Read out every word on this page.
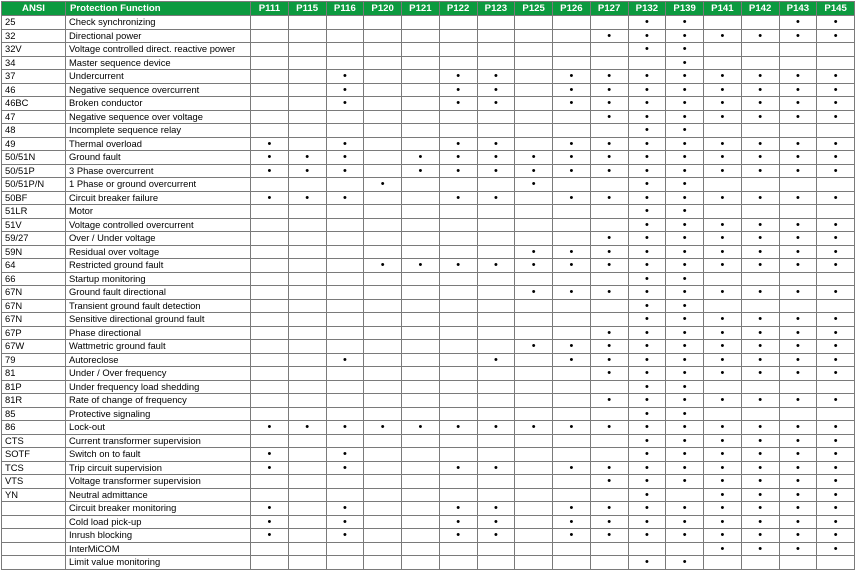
ANSI	Protection Function	P111	P115	P116	P120	P121	P122	P123	P125	P126	P127	P132	P139	P141	P142	P143	P145
25	Check synchronizing											•	•			•	•
32	Directional power										•	•	•	•	•	•	•
32V	Voltage controlled direct. reactive power											•	•				
34	Master sequence device												•				
37	Undercurrent			•			•	•		•	•	•	•	•	•	•	•
46	Negative sequence overcurrent			•			•	•		•	•	•	•	•	•	•	•
46BC	Broken conductor			•			•	•		•	•	•	•	•	•	•	•
47	Negative sequence over voltage										•	•	•	•	•	•	•
48	Incomplete sequence relay											•	•				
49	Thermal overload	•		•			•	•		•	•	•	•	•	•	•	•
50/51N	Ground fault	•	•	•		•	•	•	•	•	•	•	•	•	•	•	•
50/51P	3 Phase overcurrent	•	•	•		•	•	•	•	•	•	•	•	•	•	•	•
50/51P/N	1 Phase or ground overcurrent				•				•			•	•				
50BF	Circuit breaker failure	•	•	•			•	•		•	•	•	•	•	•	•	•
51LR	Motor											•	•				
51V	Voltage controlled overcurrent											•	•	•	•	•	•
59/27	Over / Under voltage										•	•	•	•	•	•	•
59N	Residual over voltage								•	•	•	•	•	•	•	•	•
64	Restricted ground fault				•	•	•	•	•	•	•	•	•	•	•	•	•
66	Startup monitoring											•	•				
67N	Ground fault directional								•	•	•	•	•	•	•	•	•
67N	Transient ground fault detection											•	•				
67N	Sensitive directional ground fault											•	•	•	•	•	•
67P	Phase directional										•	•	•	•	•	•	•
67W	Wattmetric ground fault								•	•	•	•	•	•	•	•	•
79	Autoreclose			•				•		•	•	•	•	•	•	•	•
81	Under / Over frequency										•	•	•	•	•	•	•
81P	Under frequency load shedding											•	•				
81R	Rate of change of frequency										•	•	•	•	•	•	•
85	Protective signaling											•	•				
86	Lock-out	•	•	•	•	•	•	•	•	•	•	•	•	•	•	•	•
CTS	Current transformer supervision											•	•	•	•	•	•
SOTF	Switch on to fault	•		•								•	•	•	•	•	•
TCS	Trip circuit supervision	•		•			•	•		•	•	•	•	•	•	•	•
VTS	Voltage transformer supervision										•	•	•	•	•	•	•
YN	Neutral admittance											•		•	•	•	•
	Circuit breaker monitoring	•		•			•	•		•	•	•	•	•	•	•	•
	Cold load pick-up	•		•			•	•		•	•	•	•	•	•	•	•
	Inrush blocking	•		•			•	•		•	•	•	•	•	•	•	•
	InterMiCOM													•	•	•	•
	Limit value monitoring											•	•				
